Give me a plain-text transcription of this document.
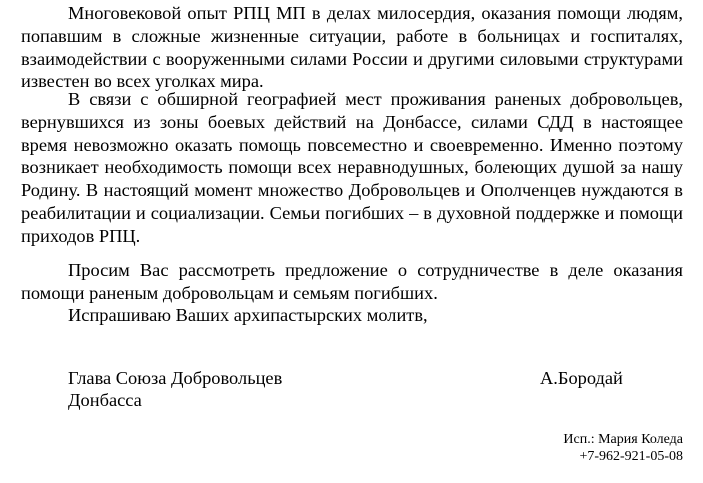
Многовековой опыт РПЦ МП в делах милосердия, оказания помощи людям, попавшим в сложные жизненные ситуации, работе в больницах и госпиталях, взаимодействии с вооруженными силами России и другими силовыми структурами известен во всех уголках мира.

В связи с обширной географией мест проживания раненых добровольцев, вернувшихся из зоны боевых действий на Донбассе, силами СДД в настоящее время невозможно оказать помощь повсеместно и своевременно. Именно поэтому возникает необходимость помощи всех неравнодушных, болеющих душой за нашу Родину. В настоящий момент множество Добровольцев и Ополченцев нуждаются в реабилитации и социализации. Семьи погибших – в духовной поддержке и помощи приходов РПЦ.

Просим Вас рассмотреть предложение о сотрудничестве в деле оказания помощи раненым добровольцам и семьям погибших.

Испрашиваю Ваших архипастырских молитв,

Глава Союза Добровольцев

Донбасса

А.Бородай

Исп.: Мария Коледа

+7-962-921-05-08
